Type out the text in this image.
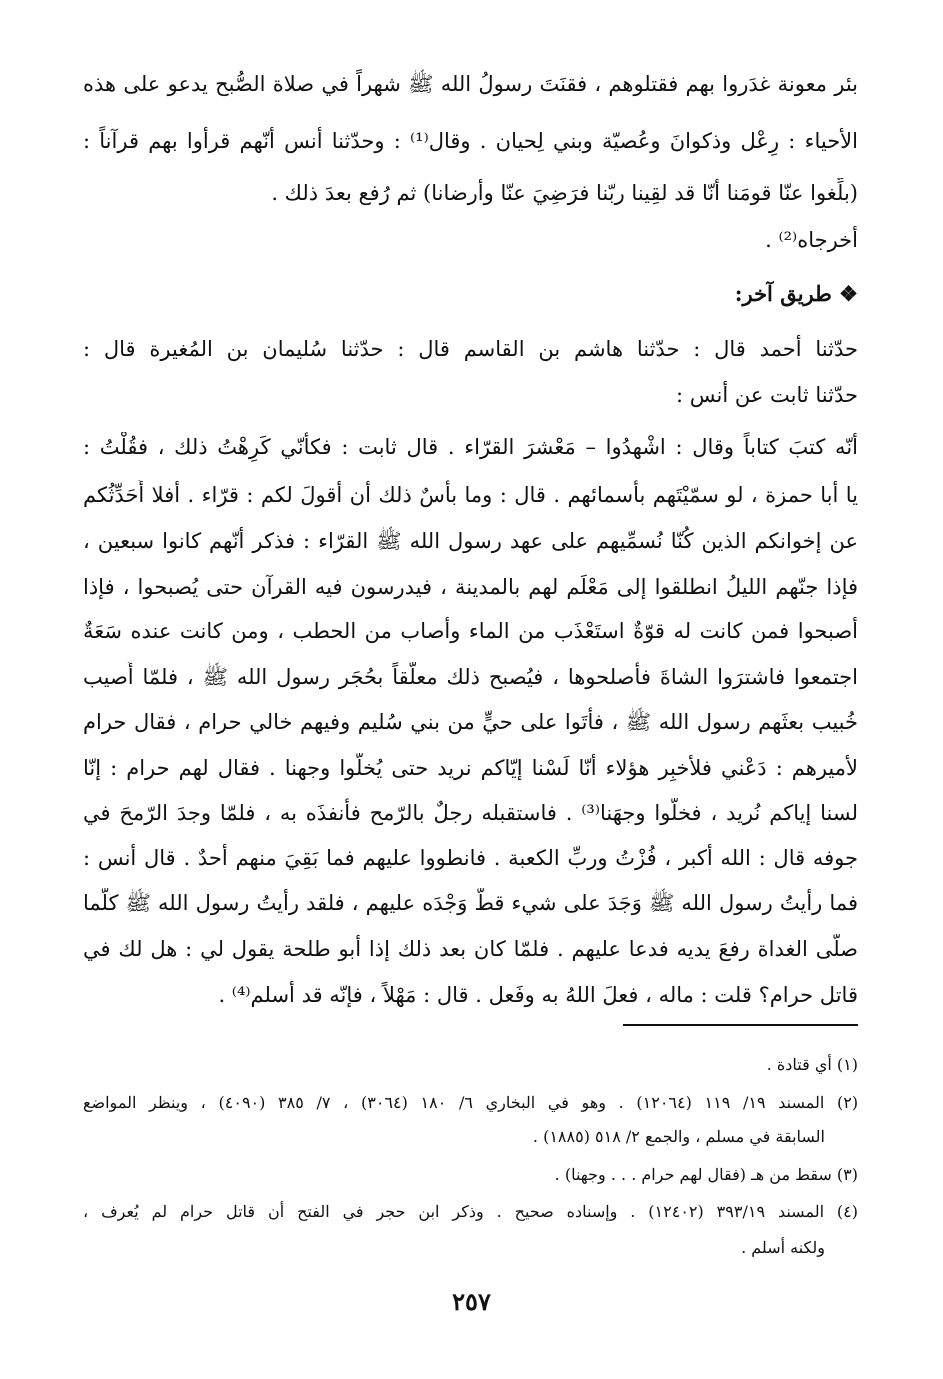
بئر معونة غدَروا بهم فقتلوهم ، فقنَتَ رسولُ الله ﷺ شهراً في صلاة الصُّبح يدعو على هذه
الأحياء : رِعْل وذكوانَ وعُصيّة وبني لِحيان . وقال⁽¹⁾ : وحدّثنا أنس أنّهم قرأوا بهم قرآناً :
(بلِّغوا عنّا قومَنا أنّا قد لقِينا ربّنا فرَضِيَ عنّا وأرضانا) ثم رُفع بعدَ ذلك .
أخرجاه⁽²⁾ .
❖ طريق آخر:
حدّثنا أحمد قال : حدّثنا هاشم بن القاسم قال : حدّثنا سُليمان بن المُغيرة قال :
حدّثنا ثابت عن أنس :
أنّه كتبَ كتاباً وقال : اشْهدُوا – مَعْشرَ القرّاء . قال ثابت : فكأنّي كَرِهْتُ ذلك ، فقُلْتُ :
يا أبا حمزة ، لو سمّيْتَهم بأسمائهم . قال : وما بأسٌ ذلك أن أقولَ لكم : قرّاء . أفلا أُحَدِّثُكم
عن إخوانكم الذين كُنّا نُسمِّيهم على عهد رسول الله ﷺ القرّاء : فذكر أنّهم كانوا سبعين ،
فإذا جنّهم الليلُ انطلقوا إلى مَعْلَم لهم بالمدينة ، فيدرسون فيه القرآن حتى يُصبحوا ، فإذا
أصبحوا فمن كانت له قوّةٌ استَعْذَب من الماء وأصاب من الحطب ، ومن كانت عنده سَعَةٌ
اجتمعوا فاشترَوا الشاةَ فأصلحوها ، فيُصبح ذلك معلّقاً بحُجَر رسول الله ﷺ ، فلمّا أُصيب
خُبيب بعثَهم رسول الله ﷺ ، فأتَوا على حيٍّ من بني سُليم وفيهم خالي حرام ، فقال حرام
لأميرهم : دَعْني فلأخبِر هؤلاء أنّا لَسْنا إيّاكم نريد حتى يُخلُّوا وجهنا . فقال لهم حرام : إنّا
لسنا إياكم نُريد ، فخلُّوا وجهَنا⁽³⁾ . فاستقبله رجلٌ بالرّمح فأنفذَه به ، فلمّا وجدَ الرّمحَ في
جوفه قال : الله أكبر ، فُزْتُ وربِّ الكعبة . فانطووا عليهم فما بَقِيَ منهم أحدٌ . قال أنس :
فما رأيتُ رسول الله ﷺ وَجَدَ على شيء قطّ وَجْدَه عليهم ، فلقد رأيتُ رسول الله ﷺ كلّما
صلّى الغداة رفعَ يديه فدعا عليهم . فلمّا كان بعد ذلك إذا أبو طلحة يقول لي : هل لك في
قاتل حرام؟ قلت : ماله ، فعلَ اللهُ به وفَعل . قال : مَهْلاً ، فإنّه قد أسلم⁽⁴⁾ .
(١) أي قتادة .
(٢) المسند ١٩/ ١١٩ (١٢٠٦٤) . وهو في البخاري ٦/ ١٨٠ (٣٠٦٤) ، ٧/ ٣٨٥ (٤٠٩٠) ، وينظر المواضع
السابقة في مسلم ، والجمع ٢/ ٥١٨ (١٨٨٥) .
(٣) سقط من هـ (فقال لهم حرام . . . وجهنا) .
(٤) المسند ٣٩٣/١٩ (١٢٤٠٢) . وإسناده صحيح . وذكر ابن حجر في الفتح أن قاتل حرام لم يُعرف ،
ولكنه أسلم .
٢٥٧
